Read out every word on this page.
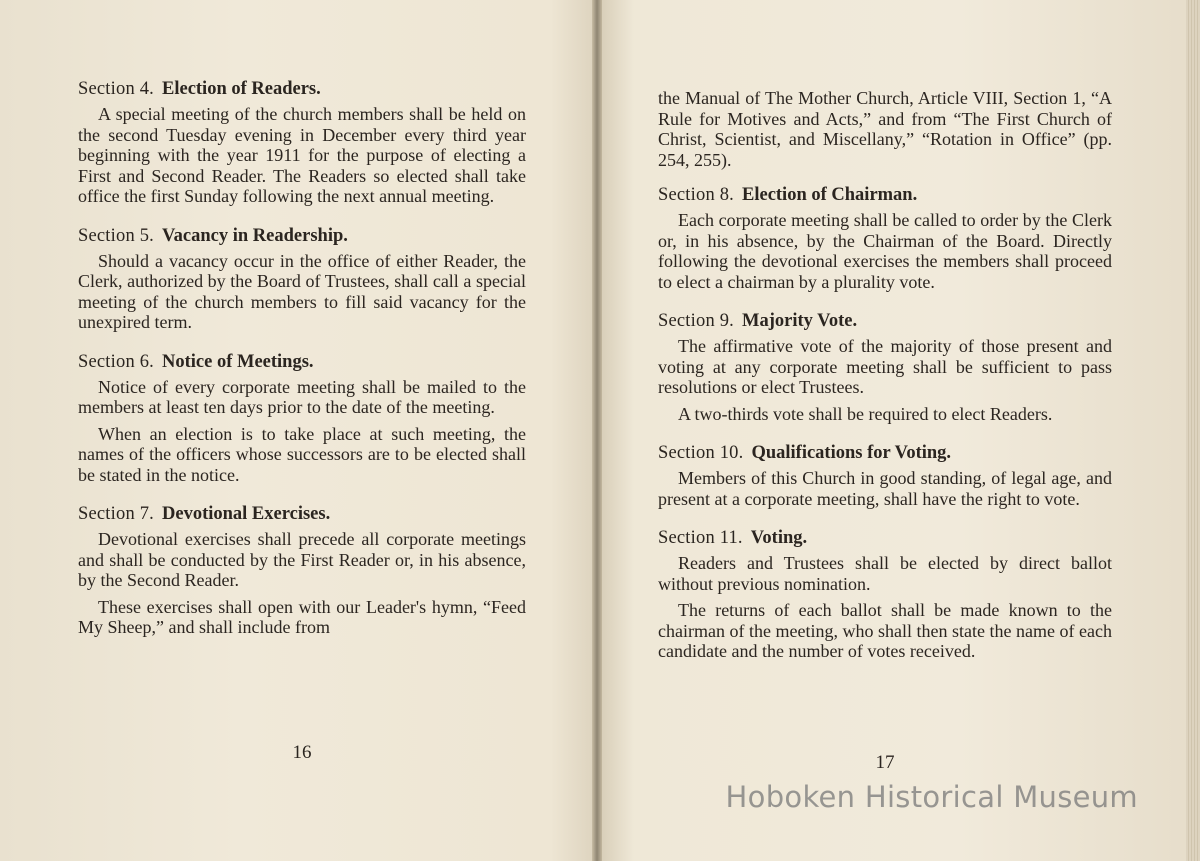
Section 4. Election of Readers.

A special meeting of the church members shall be held on the second Tuesday evening in December every third year beginning with the year 1911 for the purpose of electing a First and Second Reader. The Readers so elected shall take office the first Sunday following the next annual meeting.

Section 5. Vacancy in Readership.

Should a vacancy occur in the office of either Reader, the Clerk, authorized by the Board of Trustees, shall call a special meeting of the church members to fill said vacancy for the unexpired term.

Section 6. Notice of Meetings.

Notice of every corporate meeting shall be mailed to the members at least ten days prior to the date of the meeting.

When an election is to take place at such meeting, the names of the officers whose successors are to be elected shall be stated in the notice.

Section 7. Devotional Exercises.

Devotional exercises shall precede all corporate meetings and shall be conducted by the First Reader or, in his absence, by the Second Reader.

These exercises shall open with our Leader's hymn, “Feed My Sheep,” and shall include from

16

the Manual of The Mother Church, Article VIII, Section 1, “A Rule for Motives and Acts,” and from “The First Church of Christ, Scientist, and Miscellany,” “Rotation in Office” (pp. 254, 255).

Section 8. Election of Chairman.

Each corporate meeting shall be called to order by the Clerk or, in his absence, by the Chairman of the Board. Directly following the devotional exercises the members shall proceed to elect a chairman by a plurality vote.

Section 9. Majority Vote.

The affirmative vote of the majority of those present and voting at any corporate meeting shall be sufficient to pass resolutions or elect Trustees.

A two-thirds vote shall be required to elect Readers.

Section 10. Qualifications for Voting.

Members of this Church in good standing, of legal age, and present at a corporate meeting, shall have the right to vote.

Section 11. Voting.

Readers and Trustees shall be elected by direct ballot without previous nomination.

The returns of each ballot shall be made known to the chairman of the meeting, who shall then state the name of each candidate and the number of votes received.

17
Hoboken Historical Museum
